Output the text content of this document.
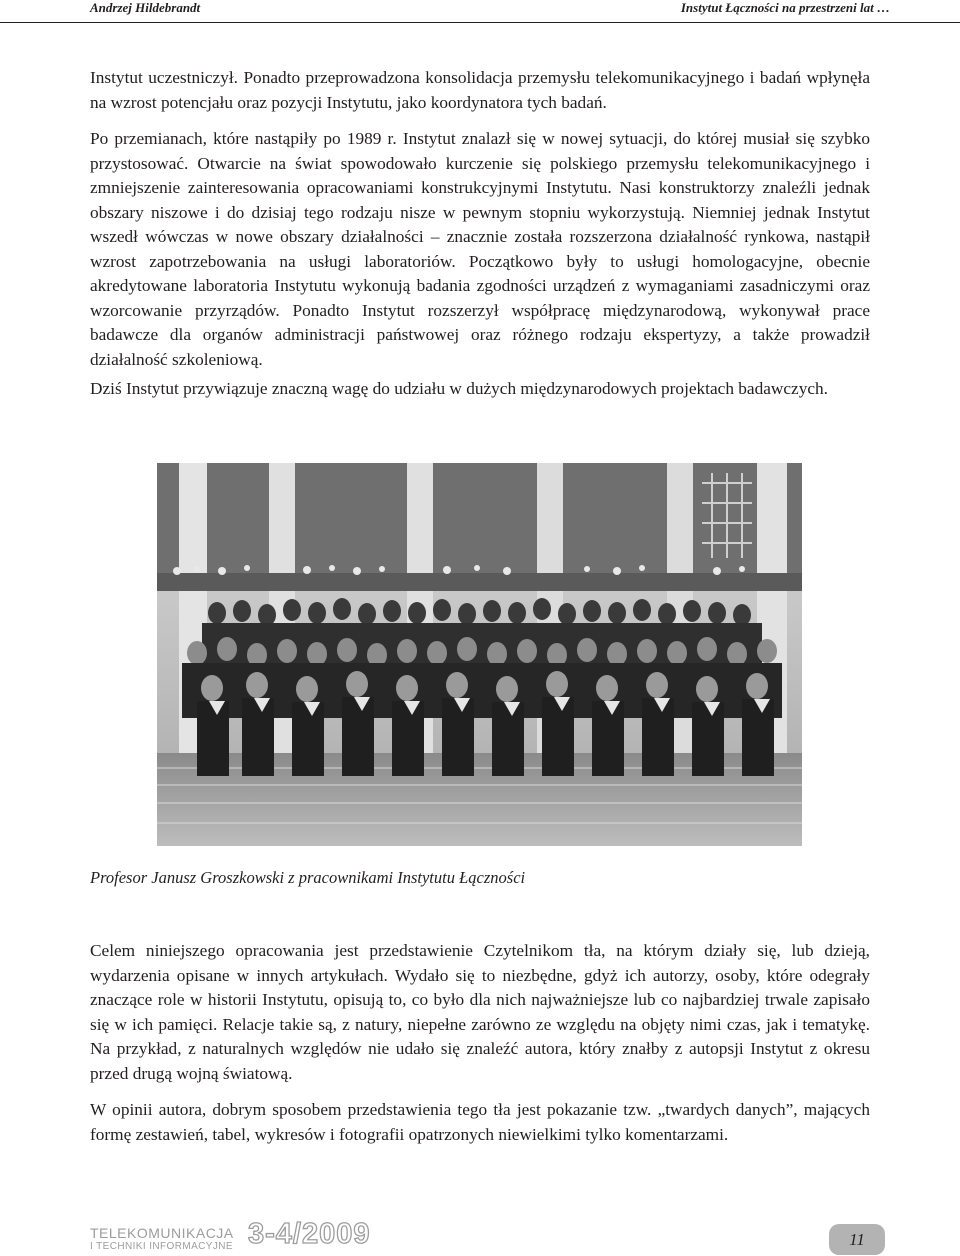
Andrzej Hildebrandt	Instytut Łączności na przestrzeni lat …

Instytut uczestniczył. Ponadto przeprowadzona konsolidacja przemysłu telekomunikacyjnego i badań wpłynęła na wzrost potencjału oraz pozycji Instytutu, jako koordynatora tych badań.

Po przemianach, które nastąpiły po 1989 r. Instytut znalazł się w nowej sytuacji, do której musiał się szybko przystosować. Otwarcie na świat spowodowało kurczenie się polskiego przemysłu telekomunikacyjnego i zmniejszenie zainteresowania opracowaniami konstrukcyjnymi Instytutu. Nasi konstruktorzy znaleźli jednak obszary niszowe i do dzisiaj tego rodzaju nisze w pewnym stopniu wykorzystują. Niemniej jednak Instytut wszedł wówczas w nowe obszary działalności – znacznie została rozszerzona działalność rynkowa, nastąpił wzrost zapotrzebowania na usługi laboratoriów. Początkowo były to usługi homologacyjne, obecnie akredytowane laboratoria Instytutu wykonują badania zgodności urządzeń z wymaganiami zasadniczymi oraz wzorcowanie przyrządów. Ponadto Instytut rozszerzył współpracę międzynarodową, wykonywał prace badawcze dla organów administracji państwowej oraz różnego rodzaju ekspertyzy, a także prowadził działalność szkoleniową.

Dziś Instytut przywiązuje znaczną wagę do udziału w dużych międzynarodowych projektach badawczych.

Profesor Janusz Groszkowski z pracownikami Instytutu Łączności

Celem niniejszego opracowania jest przedstawienie Czytelnikom tła, na którym działy się, lub dzieją, wydarzenia opisane w innych artykułach. Wydało się to niezbędne, gdyż ich autorzy, osoby, które odegrały znaczące role w historii Instytutu, opisują to, co było dla nich najważniejsze lub co najbardziej trwale zapisało się w ich pamięci. Relacje takie są, z natury, niepełne zarówno ze względu na objęty nimi czas, jak i tematykę. Na przykład, z naturalnych względów nie udało się znaleźć autora, który znałby z autopsji Instytut z okresu przed drugą wojną światową.

W opinii autora, dobrym sposobem przedstawienia tego tła jest pokazanie tzw. „twardych danych”, mających formę zestawień, tabel, wykresów i fotografii opatrzonych niewielkimi tylko komentarzami.

TELEKOMUNIKACJA
I TECHNIKI INFORMACYJNE 3-4/2009	11
